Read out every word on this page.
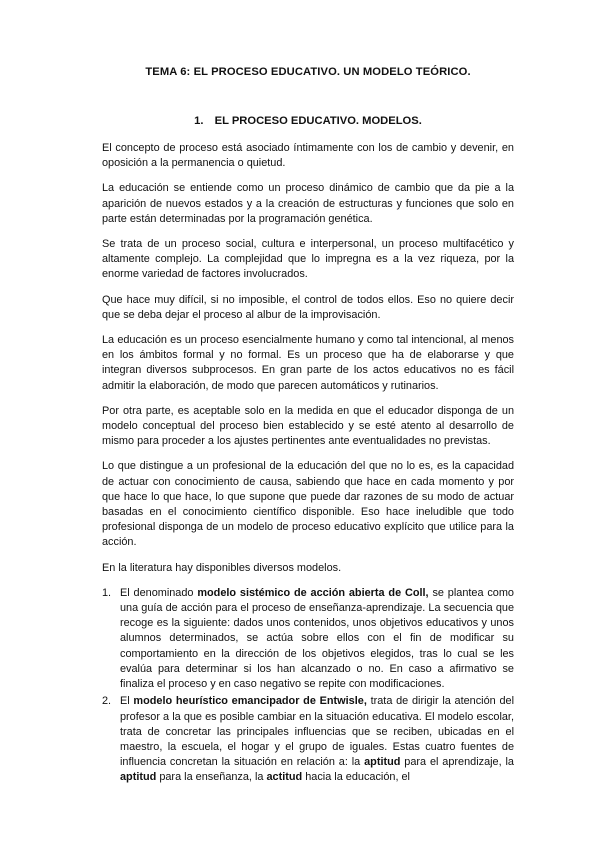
TEMA 6: EL PROCESO EDUCATIVO. UN MODELO TEÓRICO.
1. EL PROCESO EDUCATIVO. MODELOS.

El concepto de proceso está asociado íntimamente con los de cambio y devenir, en oposición a la permanencia o quietud.

La educación se entiende como un proceso dinámico de cambio que da pie a la aparición de nuevos estados y a la creación de estructuras y funciones que solo en parte están determinadas por la programación genética.

Se trata de un proceso social, cultura e interpersonal, un proceso multifacético y altamente complejo. La complejidad que lo impregna es a la vez riqueza, por la enorme variedad de factores involucrados.

Que hace muy difícil, si no imposible, el control de todos ellos. Eso no quiere decir que se deba dejar el proceso al albur de la improvisación.

La educación es un proceso esencialmente humano y como tal intencional, al menos en los ámbitos formal y no formal. Es un proceso que ha de elaborarse y que integran diversos subprocesos. En gran parte de los actos educativos no es fácil admitir la elaboración, de modo que parecen automáticos y rutinarios.

Por otra parte, es aceptable solo en la medida en que el educador disponga de un modelo conceptual del proceso bien establecido y se esté atento al desarrollo de mismo para proceder a los ajustes pertinentes ante eventualidades no previstas.

Lo que distingue a un profesional de la educación del que no lo es, es la capacidad de actuar con conocimiento de causa, sabiendo que hace en cada momento y por que hace lo que hace, lo que supone que puede dar razones de su modo de actuar basadas en el conocimiento científico disponible. Eso hace ineludible que todo profesional disponga de un modelo de proceso educativo explícito que utilice para la acción.

En la literatura hay disponibles diversos modelos.

1. El denominado modelo sistémico de acción abierta de Coll, se plantea como una guía de acción para el proceso de enseñanza-aprendizaje. La secuencia que recoge es la siguiente: dados unos contenidos, unos objetivos educativos y unos alumnos determinados, se actúa sobre ellos con el fin de modificar su comportamiento en la dirección de los objetivos elegidos, tras lo cual se les evalúa para determinar si los han alcanzado o no. En caso a afirmativo se finaliza el proceso y en caso negativo se repite con modificaciones.
2. El modelo heurístico emancipador de Entwisle, trata de dirigir la atención del profesor a la que es posible cambiar en la situación educativa. El modelo escolar, trata de concretar las principales influencias que se reciben, ubicadas en el maestro, la escuela, el hogar y el grupo de iguales. Estas cuatro fuentes de influencia concretan la situación en relación a: la aptitud para el aprendizaje, la aptitud para la enseñanza, la actitud hacia la educación, el
